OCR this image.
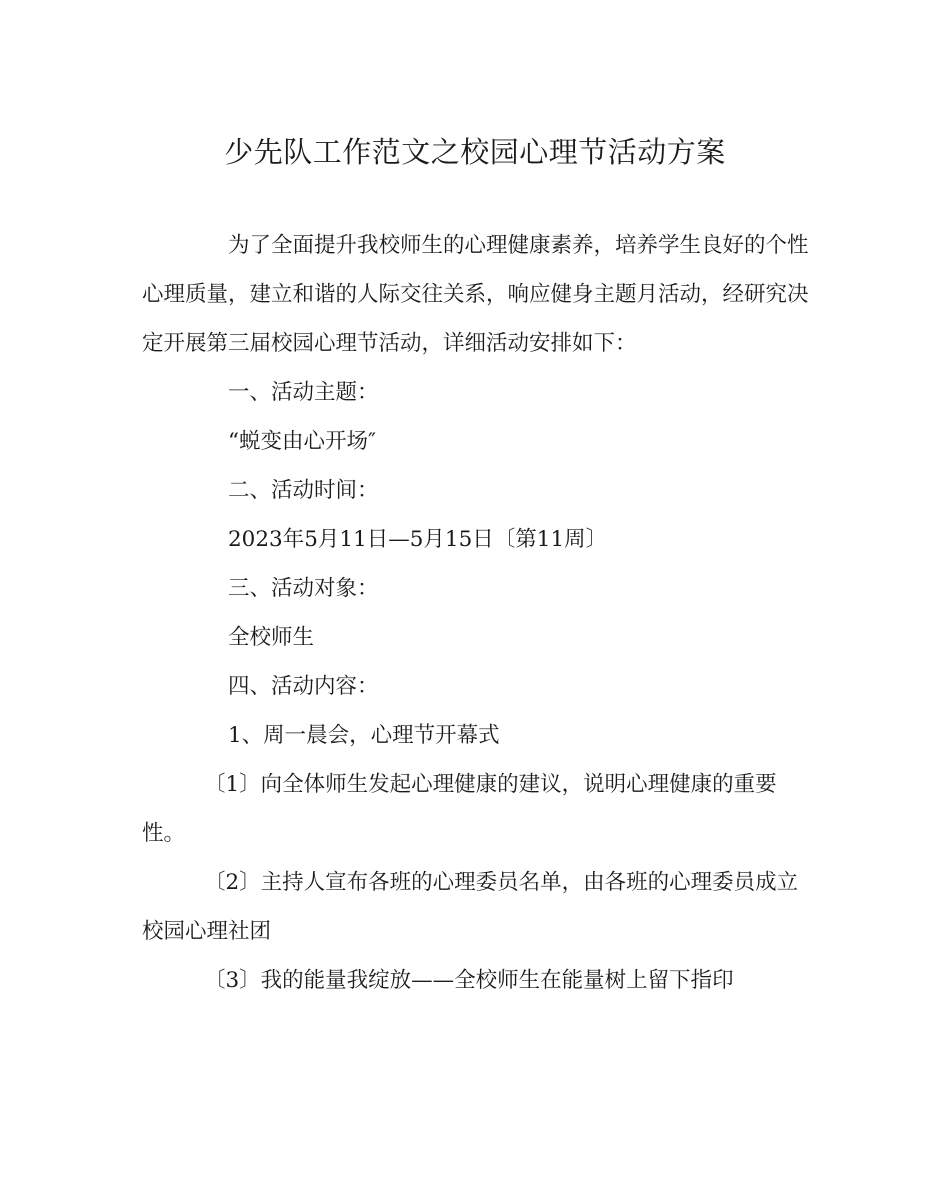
少先队工作范文之校园心理节活动方案

为了全面提升我校师生的心理健康素养，培养学生良好的个性心理质量，建立和谐的人际交往关系，响应健身主题月活动，经研究决定开展第三届校园心理节活动，详细活动安排如下：

一、活动主题：

“蜕变由心开场″

二、活动时间：

2023年5月11日—5月15日〔第11周〕

三、活动对象：

全校师生

四、活动内容：

1、周一晨会，心理节开幕式

〔1〕向全体师生发起心理健康的建议，说明心理健康的重要性。

〔2〕主持人宣布各班的心理委员名单，由各班的心理委员成立校园心理社团

〔3〕我的能量我绽放——全校师生在能量树上留下指印
